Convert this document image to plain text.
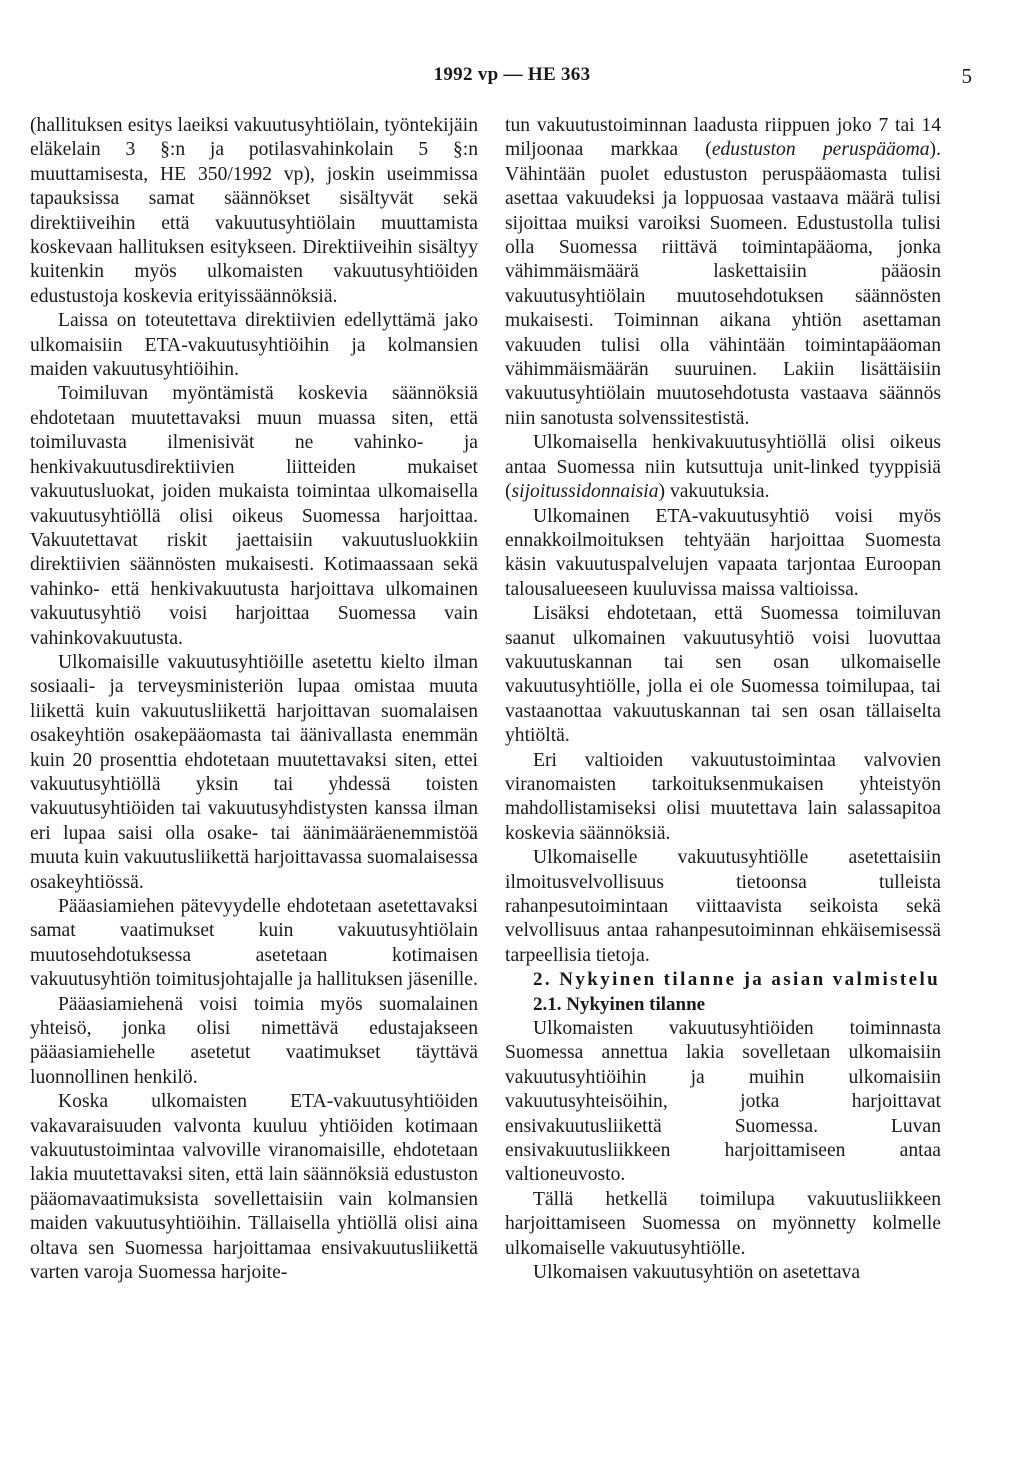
1992 vp — HE 363	5

(hallituksen esitys laeiksi vakuutusyhtiölain, työntekijäin eläkelain 3 §:n ja potilasvahinkolain 5 §:n muuttamisesta, HE 350/1992 vp), joskin useimmissa tapauksissa samat säännökset sisältyvät sekä direktiiveihin että vakuutusyhtiölain muuttamista koskevaan hallituksen esitykseen. Direktiiveihin sisältyy kuitenkin myös ulkomaisten vakuutusyhtiöiden edustustoja koskevia erityissäännöksiä.

Laissa on toteutettava direktiivien edellyttämä jako ulkomaisiin ETA-vakuutusyhtiöihin ja kolmansien maiden vakuutusyhtiöihin.

Toimiluvan myöntämistä koskevia säännöksiä ehdotetaan muutettavaksi muun muassa siten, että toimiluvasta ilmenisivät ne vahinko- ja henkivakuutusdirektiivien liitteiden mukaiset vakuutusluokat, joiden mukaista toimintaa ulkomaisella vakuutusyhtiöllä olisi oikeus Suomessa harjoittaa. Vakuutettavat riskit jaettaisiin vakuutusluokkiin direktiivien säännösten mukaisesti. Kotimaassaan sekä vahinko- että henkivakuutusta harjoittava ulkomainen vakuutusyhtiö voisi harjoittaa Suomessa vain vahinkovakuutusta.

Ulkomaisille vakuutusyhtiöille asetettu kielto ilman sosiaali- ja terveysministeriön lupaa omistaa muuta liikettä kuin vakuutusliikettä harjoittavan suomalaisen osakeyhtiön osakepääomasta tai äänivallasta enemmän kuin 20 prosenttia ehdotetaan muutettavaksi siten, ettei vakuutusyhtiöllä yksin tai yhdessä toisten vakuutusyhtiöiden tai vakuutusyhdistysten kanssa ilman eri lupaa saisi olla osake- tai äänimääräenemmistöä muuta kuin vakuutusliikettä harjoittavassa suomalaisessa osakeyhtiössä.

Pääasiamiehen pätevyydelle ehdotetaan asetettavaksi samat vaatimukset kuin vakuutusyhtiölain muutosehdotuksessa asetetaan kotimaisen vakuutusyhtiön toimitusjohtajalle ja hallituksen jäsenille.

Pääasiamiehenä voisi toimia myös suomalainen yhteisö, jonka olisi nimettävä edustajakseen pääasiamiehelle asetetut vaatimukset täyttävä luonnollinen henkilö.

Koska ulkomaisten ETA-vakuutusyhtiöiden vakavaraisuuden valvonta kuuluu yhtiöiden kotimaan vakuutustoimintaa valvoville viranomaisille, ehdotetaan lakia muutettavaksi siten, että lain säännöksiä edustuston pääomavaatimuksista sovellettaisiin vain kolmansien maiden vakuutusyhtiöihin. Tällaisella yhtiöllä olisi aina oltava sen Suomessa harjoittamaa ensivakuutusliikettä varten varoja Suomessa harjoite-

tun vakuutustoiminnan laadusta riippuen joko 7 tai 14 miljoonaa markkaa (edustuston peruspääoma). Vähintään puolet edustuston peruspääomasta tulisi asettaa vakuudeksi ja loppuosaa vastaava määrä tulisi sijoittaa muiksi varoiksi Suomeen. Edustustolla tulisi olla Suomessa riittävä toimintapääoma, jonka vähimmäismäärä laskettaisiin pääosin vakuutusyhtiölain muutosehdotuksen säännösten mukaisesti. Toiminnan aikana yhtiön asettaman vakuuden tulisi olla vähintään toimintapääoman vähimmäismäärän suuruinen. Lakiin lisättäisiin vakuutusyhtiölain muutosehdotusta vastaava säännös niin sanotusta solvenssitestistä.

Ulkomaisella henkivakuutusyhtiöllä olisi oikeus antaa Suomessa niin kutsuttuja unit-linked tyyppisiä (sijoitussidonnaisia) vakuutuksia.

Ulkomainen ETA-vakuutusyhtiö voisi myös ennakkoilmoituksen tehtyään harjoittaa Suomesta käsin vakuutuspalvelujen vapaata tarjontaa Euroopan talousalueeseen kuuluvissa maissa valtioissa.

Lisäksi ehdotetaan, että Suomessa toimiluvan saanut ulkomainen vakuutusyhtiö voisi luovuttaa vakuutuskannan tai sen osan ulkomaiselle vakuutusyhtiölle, jolla ei ole Suomessa toimilupaa, tai vastaanottaa vakuutuskannan tai sen osan tällaiselta yhtiöltä.

Eri valtioiden vakuutustoimintaa valvovien viranomaisten tarkoituksenmukaisen yhteistyön mahdollistamiseksi olisi muutettava lain salassapitoa koskevia säännöksiä.

Ulkomaiselle vakuutusyhtiölle asetettaisiin ilmoitusvelvollisuus tietoonsa tulleista rahanpesutoimintaan viittaavista seikoista sekä velvollisuus antaa rahanpesutoiminnan ehkäisemisessä tarpeellisia tietoja.

2. Nykyinen tilanne ja asian valmistelu

2.1. Nykyinen tilanne

Ulkomaisten vakuutusyhtiöiden toiminnasta Suomessa annettua lakia sovelletaan ulkomaisiin vakuutusyhtiöihin ja muihin ulkomaisiin vakuutusyhteisöihin, jotka harjoittavat ensivakuutusliikettä Suomessa. Luvan ensivakuutusliikkeen harjoittamiseen antaa valtioneuvosto.

Tällä hetkellä toimilupa vakuutusliikkeen harjoittamiseen Suomessa on myönnetty kolmelle ulkomaiselle vakuutusyhtiölle.

Ulkomaisen vakuutusyhtiön on asetettava
